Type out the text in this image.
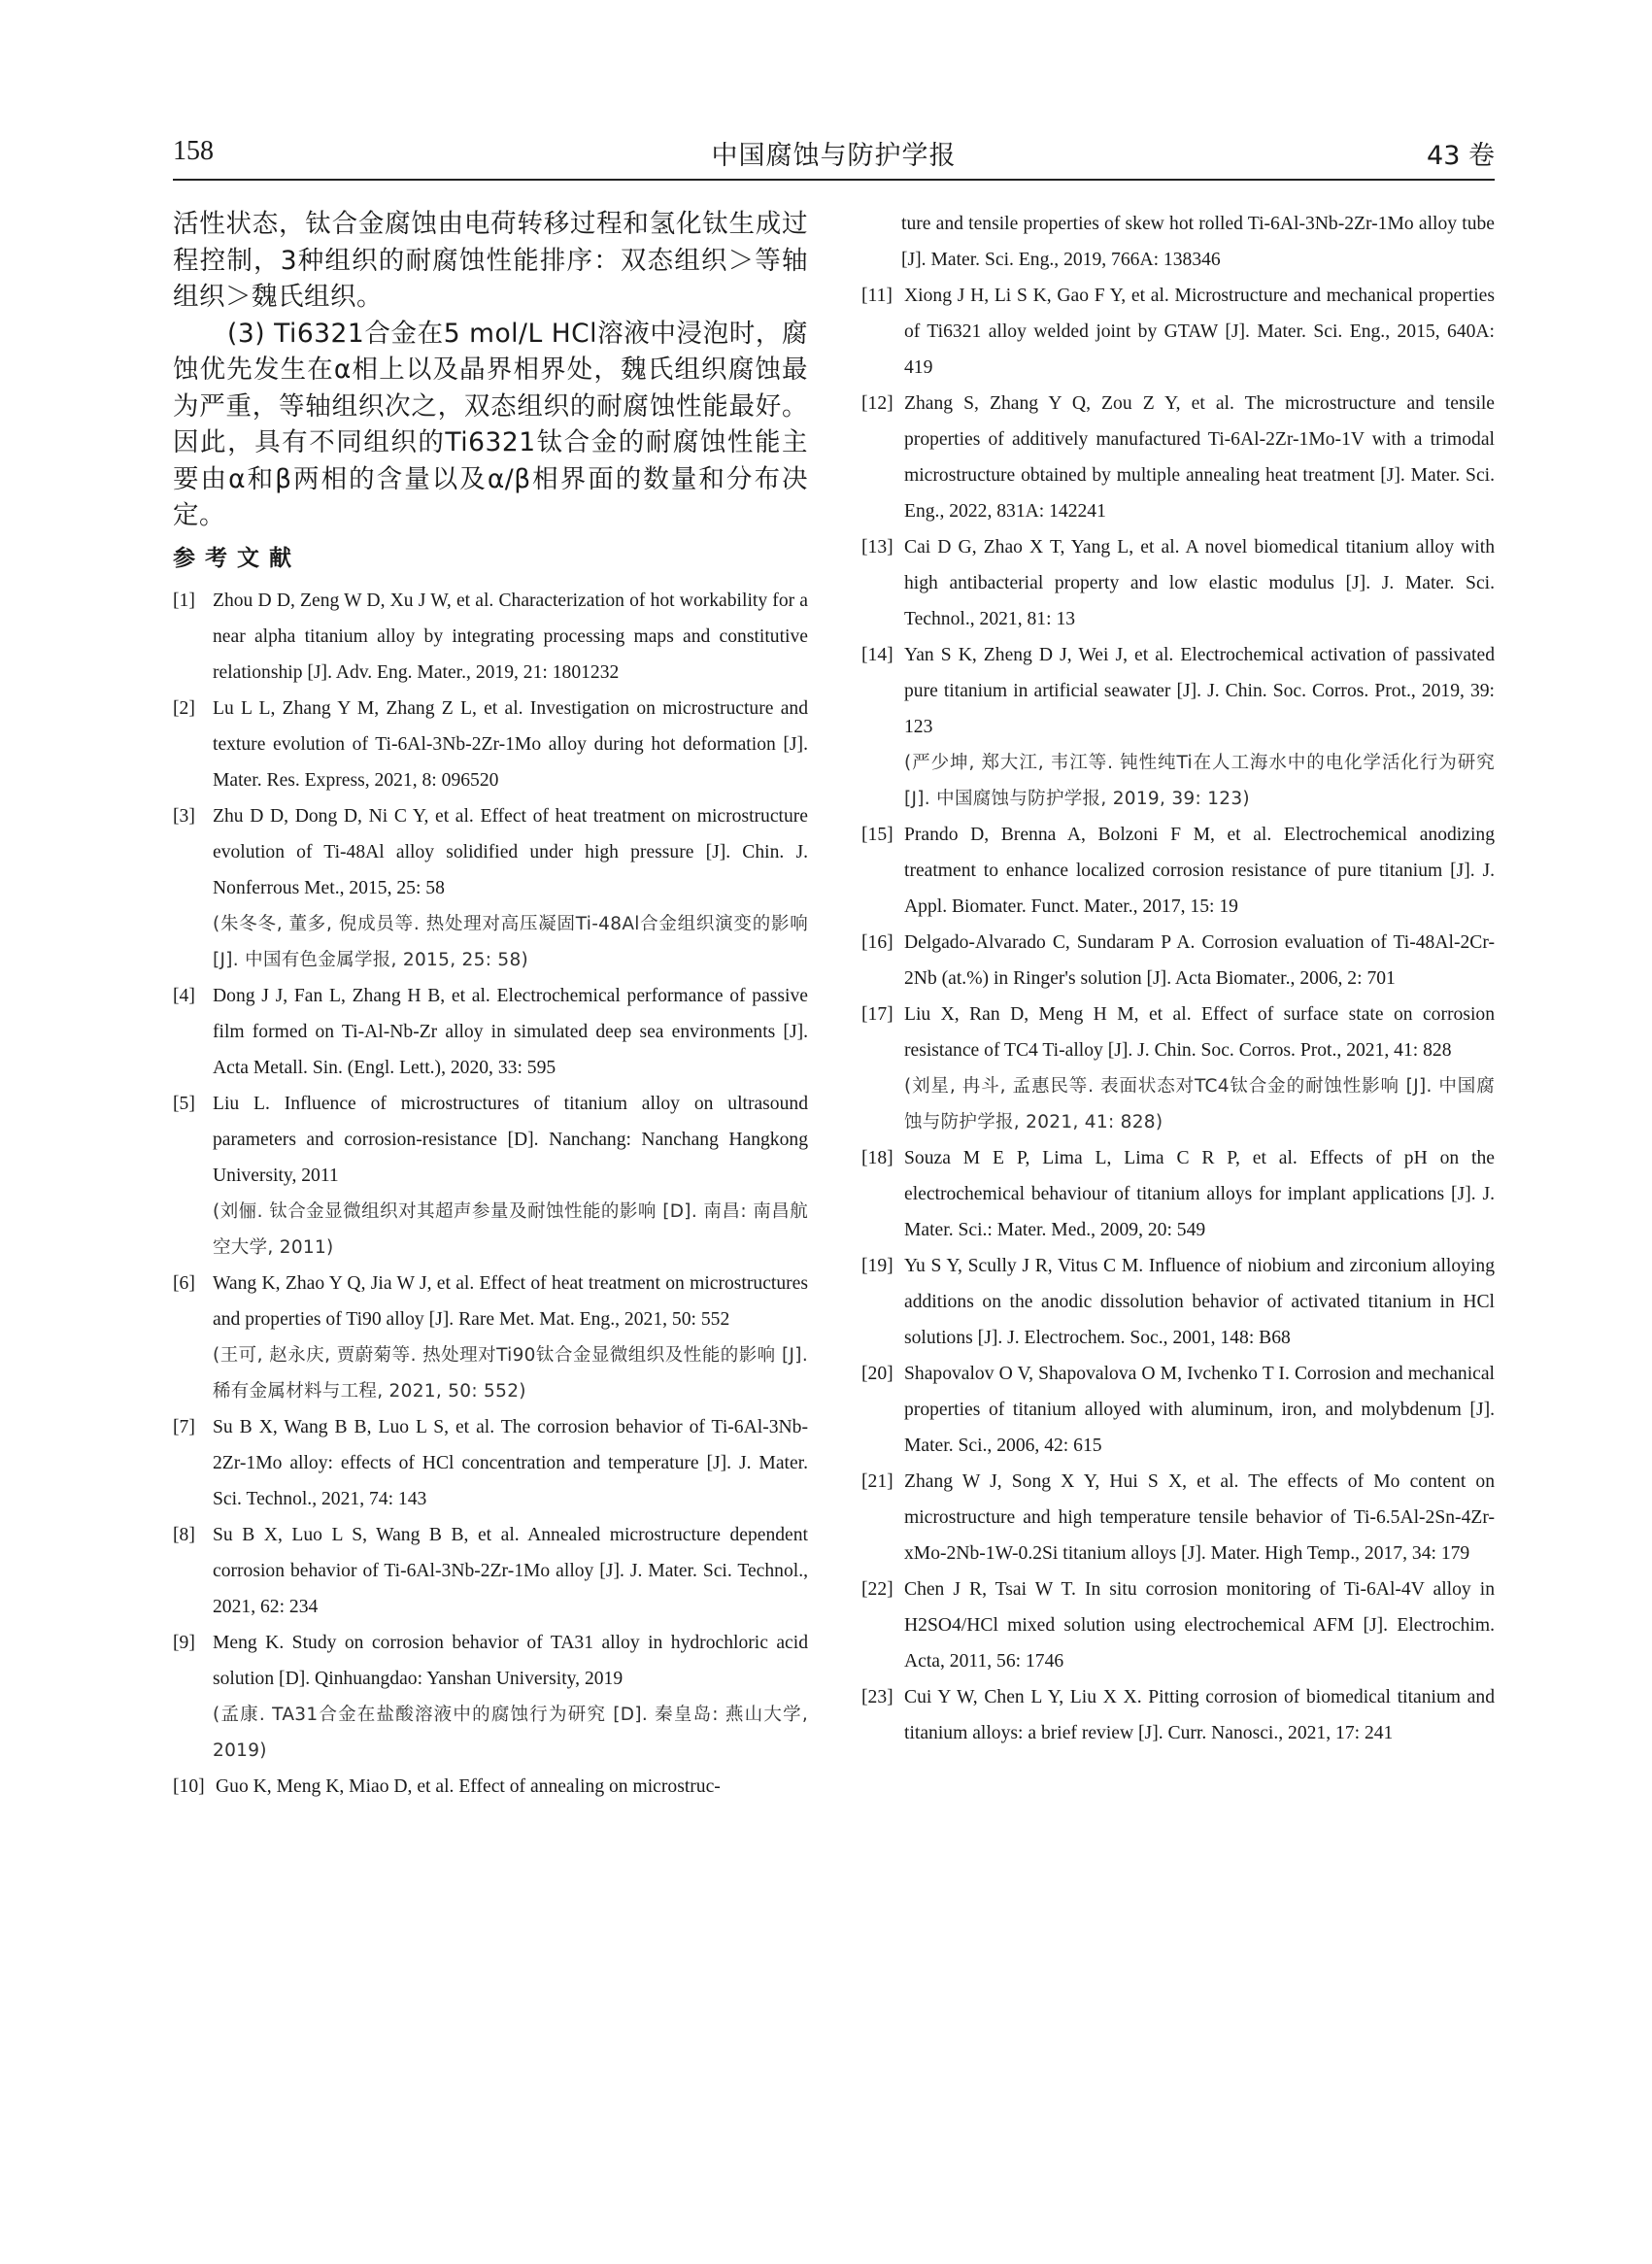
158	中国腐蚀与防护学报	43 卷

活性状态，钛合金腐蚀由电荷转移过程和氢化钛生成过程控制，3种组织的耐腐蚀性能排序：双态组织＞等轴组织＞魏氏组织。

(3) Ti6321合金在5 mol/L HCl溶液中浸泡时，腐蚀优先发生在α相上以及晶界相界处，魏氏组织腐蚀最为严重，等轴组织次之，双态组织的耐腐蚀性能最好。因此，具有不同组织的Ti6321钛合金的耐腐蚀性能主要由α和β两相的含量以及α/β相界面的数量和分布决定。

参考文献
[1] Zhou D D, Zeng W D, Xu J W, et al. Characterization of hot workability for a near alpha titanium alloy by integrating processing maps and constitutive relationship [J]. Adv. Eng. Mater., 2019, 21: 1801232
[2] Lu L L, Zhang Y M, Zhang Z L, et al. Investigation on microstructure and texture evolution of Ti-6Al-3Nb-2Zr-1Mo alloy during hot deformation [J]. Mater. Res. Express, 2021, 8: 096520
[3] Zhu D D, Dong D, Ni C Y, et al. Effect of heat treatment on microstructure evolution of Ti-48Al alloy solidified under high pressure [J]. Chin. J. Nonferrous Met., 2015, 25: 58
(朱冬冬, 董多, 倪成员等. 热处理对高压凝固Ti-48Al合金组织演变的影响 [J]. 中国有色金属学报, 2015, 25: 58)
[4] Dong J J, Fan L, Zhang H B, et al. Electrochemical performance of passive film formed on Ti-Al-Nb-Zr alloy in simulated deep sea environments [J]. Acta Metall. Sin. (Engl. Lett.), 2020, 33: 595
[5] Liu L. Influence of microstructures of titanium alloy on ultrasound parameters and corrosion-resistance [D]. Nanchang: Nanchang Hangkong University, 2011
(刘俪. 钛合金显微组织对其超声参量及耐蚀性能的影响 [D]. 南昌: 南昌航空大学, 2011)
[6] Wang K, Zhao Y Q, Jia W J, et al. Effect of heat treatment on microstructures and properties of Ti90 alloy [J]. Rare Met. Mat. Eng., 2021, 50: 552
(王可, 赵永庆, 贾蔚菊等. 热处理对Ti90钛合金显微组织及性能的影响 [J]. 稀有金属材料与工程, 2021, 50: 552)
[7] Su B X, Wang B B, Luo L S, et al. The corrosion behavior of Ti-6Al-3Nb-2Zr-1Mo alloy: effects of HCl concentration and temperature [J]. J. Mater. Sci. Technol., 2021, 74: 143
[8] Su B X, Luo L S, Wang B B, et al. Annealed microstructure dependent corrosion behavior of Ti-6Al-3Nb-2Zr-1Mo alloy [J]. J. Mater. Sci. Technol., 2021, 62: 234
[9] Meng K. Study on corrosion behavior of TA31 alloy in hydrochloric acid solution [D]. Qinhuangdao: Yanshan University, 2019
(孟康. TA31合金在盐酸溶液中的腐蚀行为研究 [D]. 秦皇岛: 燕山大学, 2019)
[10] Guo K, Meng K, Miao D, et al. Effect of annealing on microstruc-
ture and tensile properties of skew hot rolled Ti-6Al-3Nb-2Zr-1Mo alloy tube [J]. Mater. Sci. Eng., 2019, 766A: 138346
[11] Xiong J H, Li S K, Gao F Y, et al. Microstructure and mechanical properties of Ti6321 alloy welded joint by GTAW [J]. Mater. Sci. Eng., 2015, 640A: 419
[12] Zhang S, Zhang Y Q, Zou Z Y, et al. The microstructure and tensile properties of additively manufactured Ti-6Al-2Zr-1Mo-1V with a trimodal microstructure obtained by multiple annealing heat treatment [J]. Mater. Sci. Eng., 2022, 831A: 142241
[13] Cai D G, Zhao X T, Yang L, et al. A novel biomedical titanium alloy with high antibacterial property and low elastic modulus [J]. J. Mater. Sci. Technol., 2021, 81: 13
[14] Yan S K, Zheng D J, Wei J, et al. Electrochemical activation of passivated pure titanium in artificial seawater [J]. J. Chin. Soc. Corros. Prot., 2019, 39: 123
(严少坤, 郑大江, 韦江等. 钝性纯Ti在人工海水中的电化学活化行为研究 [J]. 中国腐蚀与防护学报, 2019, 39: 123)
[15] Prando D, Brenna A, Bolzoni F M, et al. Electrochemical anodizing treatment to enhance localized corrosion resistance of pure titanium [J]. J. Appl. Biomater. Funct. Mater., 2017, 15: 19
[16] Delgado-Alvarado C, Sundaram P A. Corrosion evaluation of Ti-48Al-2Cr-2Nb (at.%) in Ringer's solution [J]. Acta Biomater., 2006, 2: 701
[17] Liu X, Ran D, Meng H M, et al. Effect of surface state on corrosion resistance of TC4 Ti-alloy [J]. J. Chin. Soc. Corros. Prot., 2021, 41: 828
(刘星, 冉斗, 孟惠民等. 表面状态对TC4钛合金的耐蚀性影响 [J]. 中国腐蚀与防护学报, 2021, 41: 828)
[18] Souza M E P, Lima L, Lima C R P, et al. Effects of pH on the electrochemical behaviour of titanium alloys for implant applications [J]. J. Mater. Sci.: Mater. Med., 2009, 20: 549
[19] Yu S Y, Scully J R, Vitus C M. Influence of niobium and zirconium alloying additions on the anodic dissolution behavior of activated titanium in HCl solutions [J]. J. Electrochem. Soc., 2001, 148: B68
[20] Shapovalov O V, Shapovalova O M, Ivchenko T I. Corrosion and mechanical properties of titanium alloyed with aluminum, iron, and molybdenum [J]. Mater. Sci., 2006, 42: 615
[21] Zhang W J, Song X Y, Hui S X, et al. The effects of Mo content on microstructure and high temperature tensile behavior of Ti-6.5Al-2Sn-4Zr-xMo-2Nb-1W-0.2Si titanium alloys [J]. Mater. High Temp., 2017, 34: 179
[22] Chen J R, Tsai W T. In situ corrosion monitoring of Ti-6Al-4V alloy in H2SO4/HCl mixed solution using electrochemical AFM [J]. Electrochim. Acta, 2011, 56: 1746
[23] Cui Y W, Chen L Y, Liu X X. Pitting corrosion of biomedical titanium and titanium alloys: a brief review [J]. Curr. Nanosci., 2021, 17: 241
